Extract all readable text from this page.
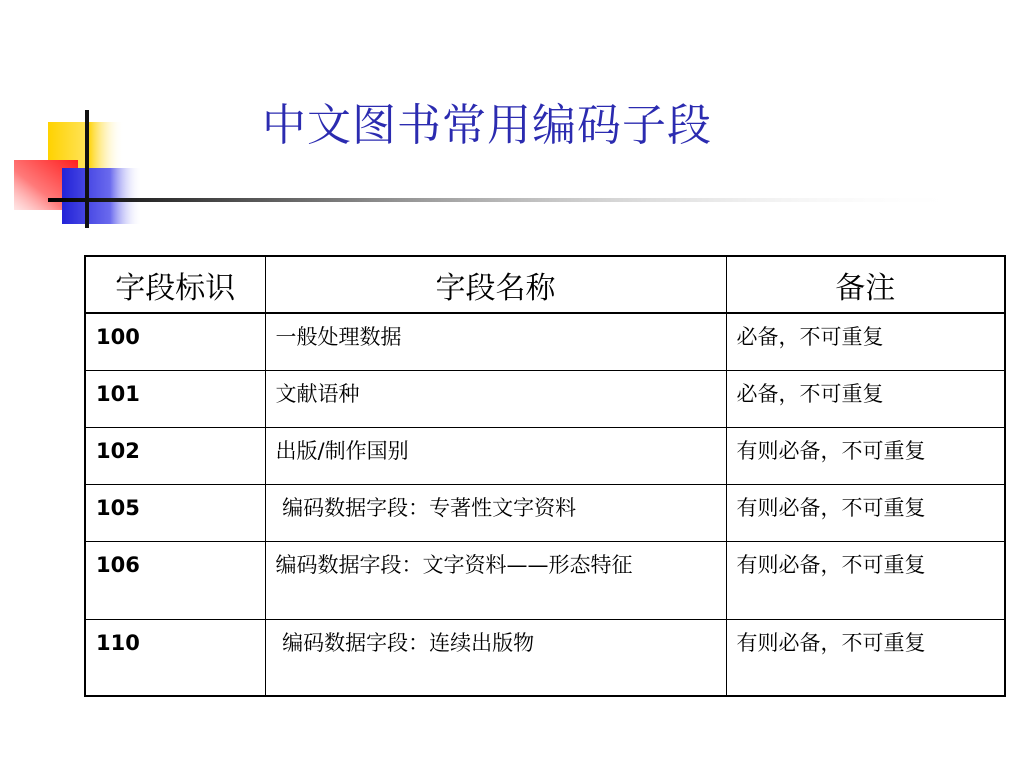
中文图书常用编码子段
字段标识	字段名称	备注
100	一般处理数据	必备，不可重复
101	文献语种	必备，不可重复
102	出版/制作国别	有则必备，不可重复
105	编码数据字段：专著性文字资料	有则必备，不可重复
106	编码数据字段：文字资料——形态特征	有则必备，不可重复
110	编码数据字段：连续出版物	有则必备，不可重复
